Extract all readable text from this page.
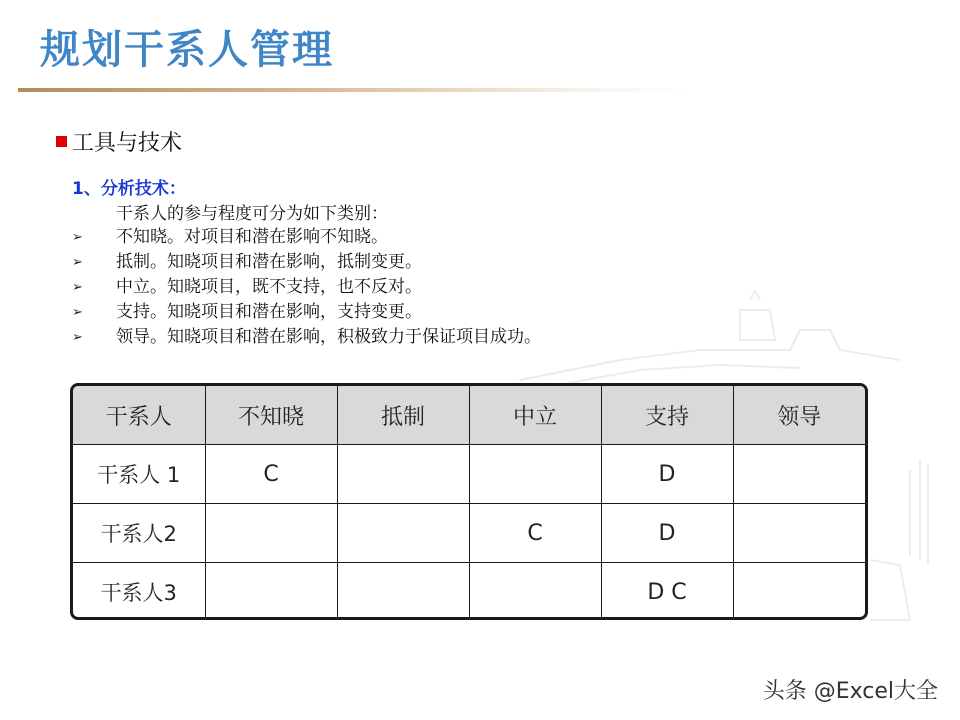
规划干系人管理
工具与技术
1、分析技术：
干系人的参与程度可分为如下类别：
➢	不知晓。对项目和潜在影响不知晓。
➢	抵制。知晓项目和潜在影响，抵制变更。
➢	中立。知晓项目，既不支持，也不反对。
➢	支持。知晓项目和潜在影响，支持变更。
➢	领导。知晓项目和潜在影响，积极致力于保证项目成功。
干系人	不知晓	抵制	中立	支持	领导
干系人 1	C			D	
干系人2			C	D	
干系人3				D C	
头条 @Excel大全
